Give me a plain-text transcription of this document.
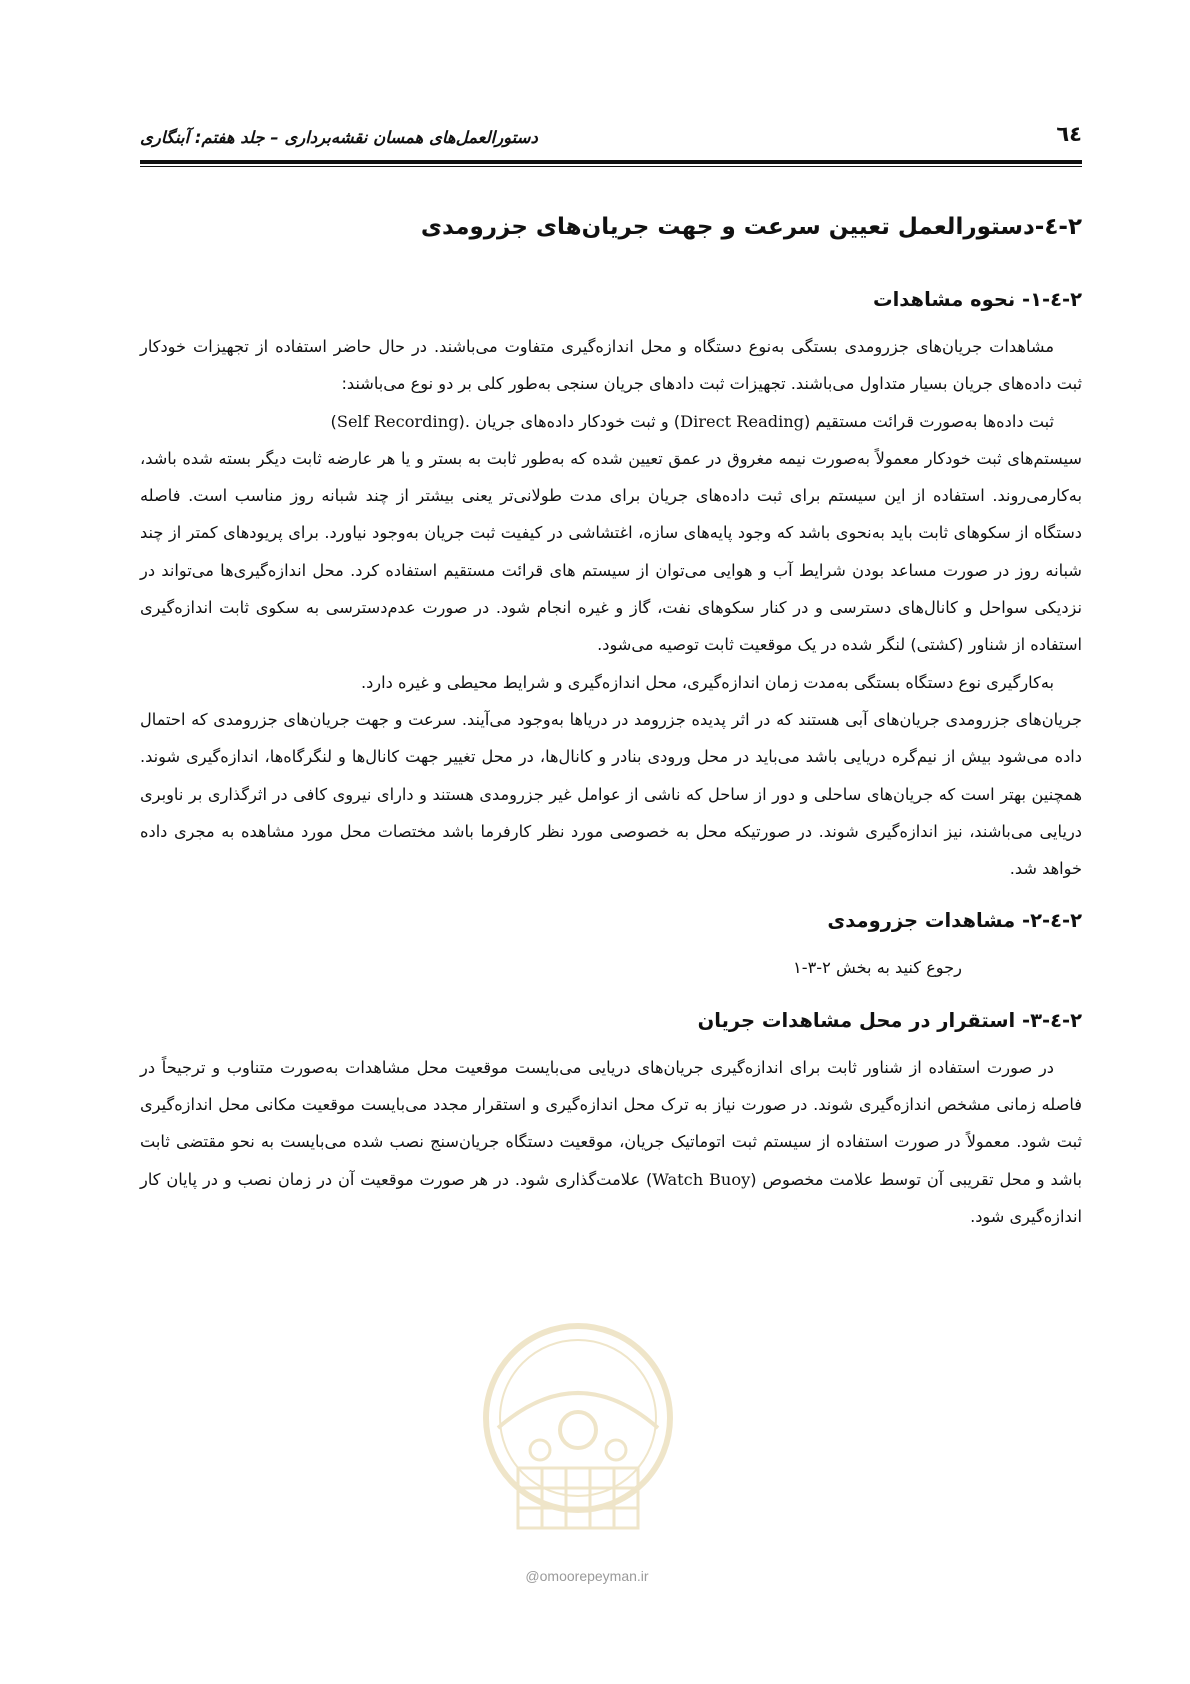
دستورالعمل‌های همسان نقشه‌برداری – جلد هفتم: آبنگاری	٦٤
٢-٤-دستورالعمل تعیین سرعت و جهت جریان‌های جزرومدی
٢-٤-١- نحوه مشاهدات

مشاهدات جریان‌های جزرومدی بستگی به‌نوع دستگاه و محل اندازه‌گیری متفاوت می‌باشند. در حال حاضر استفاده از تجهیزات خودکار ثبت داده‌های جریان بسیار متداول می‌باشند. تجهیزات ثبت دادهای جریان سنجی به‌طور کلی بر دو نوع می‌باشند:

ثبت داده‌ها به‌صورت قرائت مستقیم (Direct Reading) و ثبت خودکار داده‌های جریان .(Self Recording)

سیستم‌های ثبت خودکار معمولاً به‌صورت نیمه مغروق در عمق تعیین شده که به‌طور ثابت به بستر و یا هر عارضه ثابت دیگر بسته شده باشد، به‌کارمی‌روند. استفاده از این سیستم برای ثبت داده‌های جریان برای مدت طولانی‌تر یعنی بیشتر از چند شبانه روز مناسب است. فاصله دستگاه از سکوهای ثابت باید به‌نحوی باشد که وجود پایه‌های سازه، اغتشاشی در کیفیت ثبت جریان به‌وجود نیاورد. برای پریودهای کمتر از چند شبانه روز در صورت مساعد بودن شرایط آب و هوایی می‌توان از سیستم های قرائت مستقیم استفاده کرد. محل اندازه‌گیری‌ها می‌تواند در نزدیکی سواحل و کانال‌های دسترسی و در کنار سکوهای نفت، گاز و غیره انجام شود. در صورت عدم‌دسترسی به سکوی ثابت اندازه‌گیری استفاده از شناور (کشتی) لنگر شده در یک موقعیت ثابت توصیه می‌شود.

به‌کارگیری نوع دستگاه بستگی به‌مدت زمان اندازه‌گیری، محل اندازه‌گیری و شرایط محیطی و غیره دارد.

جریان‌های جزرومدی جریان‌های آبی هستند که در اثر پدیده جزرومد در دریاها به‌وجود می‌آیند. سرعت و جهت جریان‌های جزرومدی که احتمال داده می‌شود بیش از نیم‌گره دریایی باشد می‌باید در محل ورودی بنادر و کانال‌ها، در محل تغییر جهت کانال‌ها و لنگرگاه‌ها، اندازه‌گیری شوند. همچنین بهتر است که جریان‌های ساحلی و دور از ساحل که ناشی از عوامل غیر جزرومدی هستند و دارای نیروی کافی در اثرگذاری بر ناوبری دریایی می‌باشند، نیز اندازه‌گیری شوند. در صورتیکه محل به خصوصی مورد نظر کارفرما باشد مختصات محل مورد مشاهده به مجری داده خواهد شد.

٢-٤-٢- مشاهدات جزرومدی

رجوع کنید به بخش ٢-٣-١

٢-٤-٣- استقرار در محل مشاهدات جریان

در صورت استفاده از شناور ثابت برای اندازه‌گیری جریان‌های دریایی می‌بایست موقعیت محل مشاهدات به‌صورت متناوب و ترجیحاً در فاصله زمانی مشخص اندازه‌گیری شوند. در صورت نیاز به ترک محل اندازه‌گیری و استقرار مجدد می‌بایست موقعیت مکانی محل اندازه‌گیری ثبت شود. معمولاً در صورت استفاده از سیستم ثبت اتوماتیک جریان، موقعیت دستگاه جریان‌سنج نصب شده می‌بایست به نحو مقتضی ثابت باشد و محل تقریبی آن توسط علامت مخصوص (Watch Buoy) علامت‌گذاری شود. در هر صورت موقعیت آن در زمان نصب و در پایان کار اندازه‌گیری شود.

@omoorepeyman.ir
